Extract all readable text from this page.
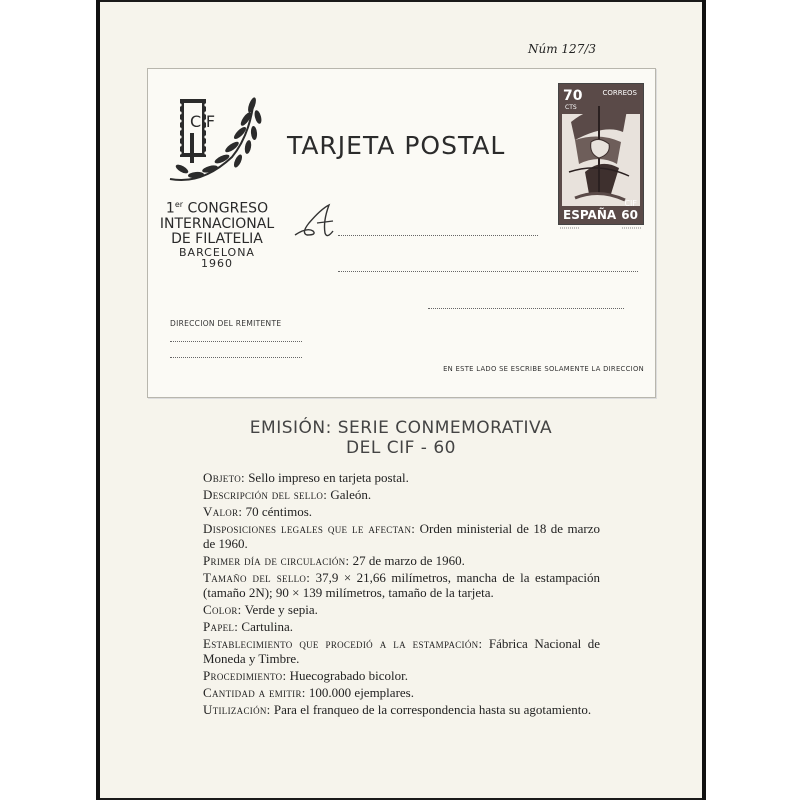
Núm 127/3
CIF
1er CONGRESO
INTERNACIONAL
DE FILATELIA
BARCELONA
1960
TARJETA POSTAL
70
CTS
CORREOS
CIF
ESPAÑA 60
A
DIRECCION DEL REMITENTE
EN ESTE LADO SE ESCRIBE SOLAMENTE LA DIRECCION
EMISIÓN: SERIE CONMEMORATIVA
DEL CIF - 60
Objeto: Sello impreso en tarjeta postal.
Descripción del sello: Galeón.
Valor: 70 céntimos.
Disposiciones legales que le afectan: Orden ministerial de 18 de marzo de 1960.
Primer día de circulación: 27 de marzo de 1960.
Tamaño del sello: 37,9 × 21,66 milímetros, mancha de la estampación (tamaño 2N); 90 × 139 milímetros, tamaño de la tarjeta.
Color: Verde y sepia.
Papel: Cartulina.
Establecimiento que procedió a la estampación: Fábrica Nacional de Moneda y Timbre.
Procedimiento: Huecograbado bicolor.
Cantidad a emitir: 100.000 ejemplares.
Utilización: Para el franqueo de la correspondencia hasta su agotamiento.
